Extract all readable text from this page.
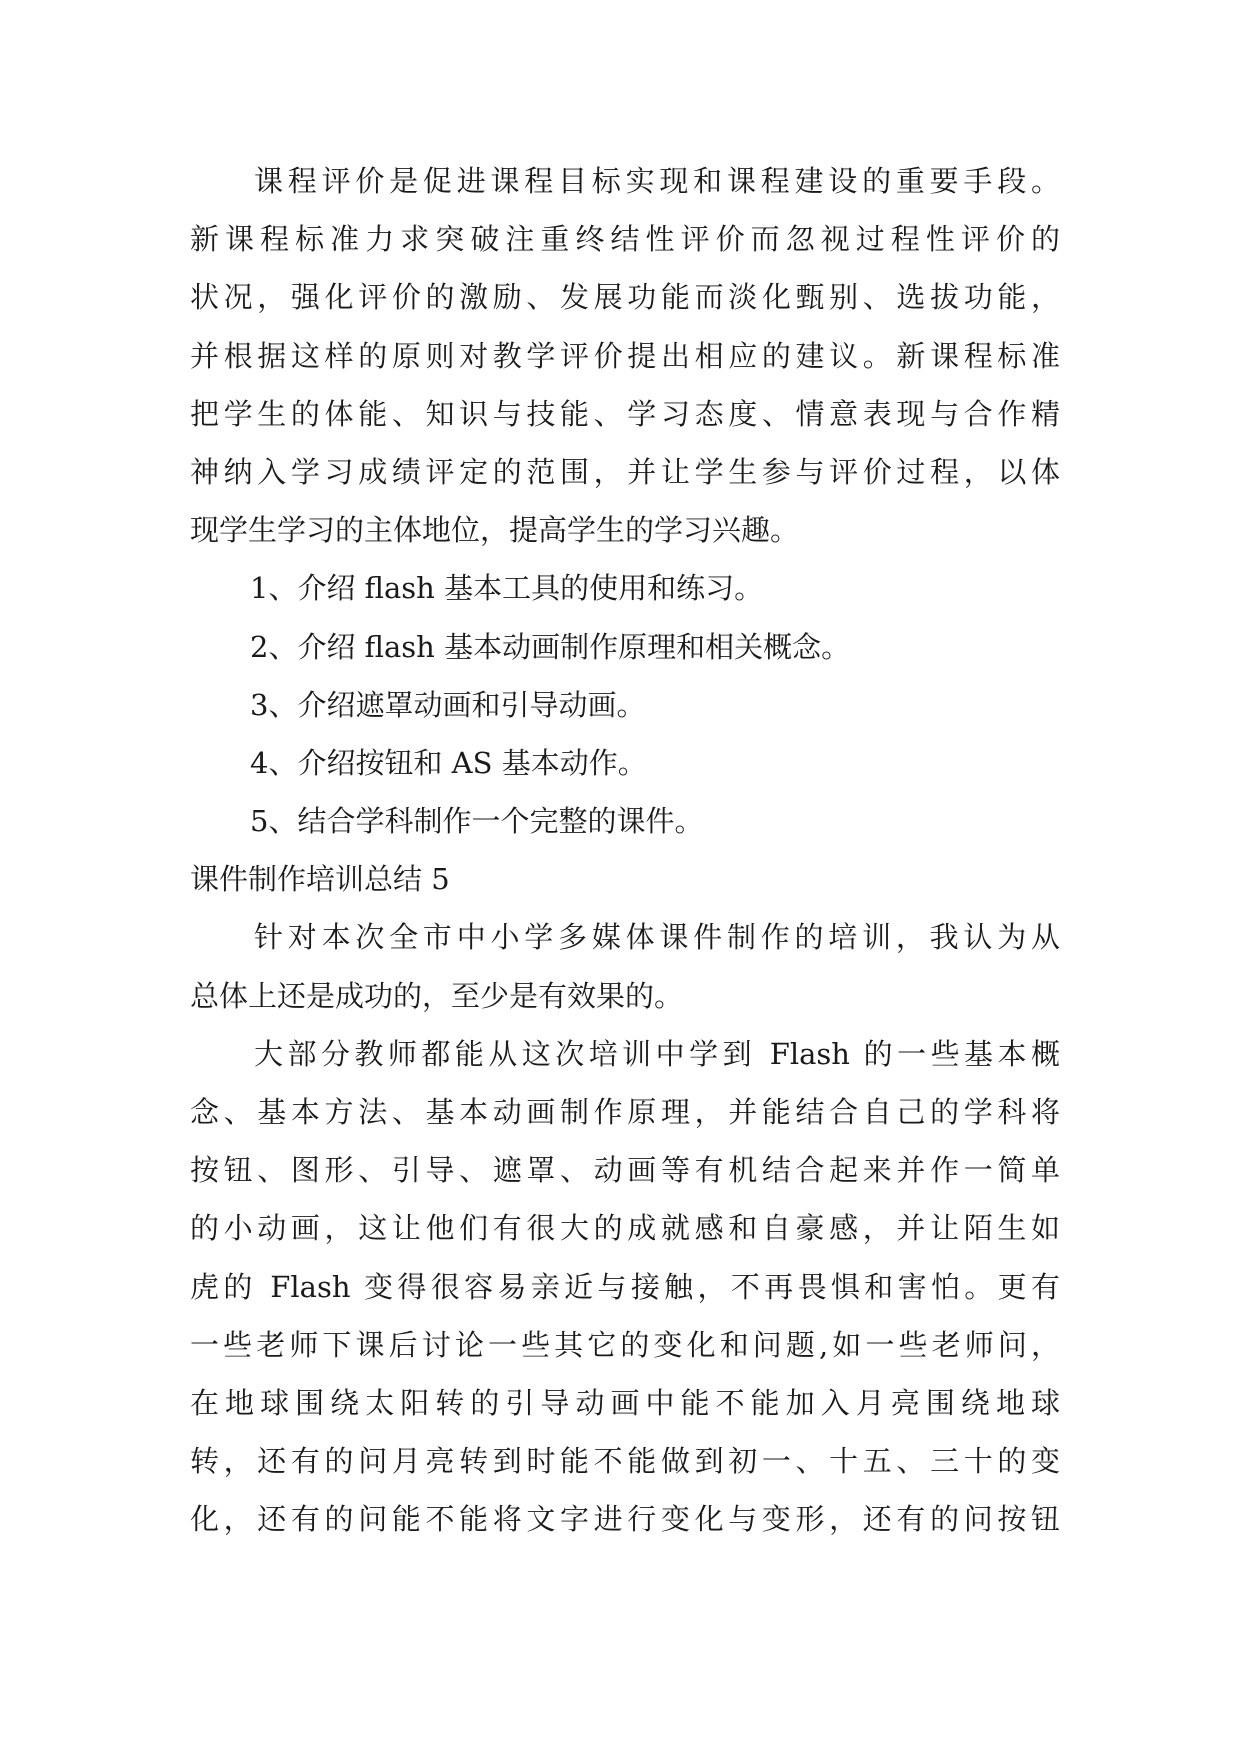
课程评价是促进课程目标实现和课程建设的重要手段。
新课程标准力求突破注重终结性评价而忽视过程性评价的
状况，强化评价的激励、发展功能而淡化甄别、选拔功能，
并根据这样的原则对教学评价提出相应的建议。新课程标准
把学生的体能、知识与技能、学习态度、情意表现与合作精
神纳入学习成绩评定的范围，并让学生参与评价过程，以体
现学生学习的主体地位，提高学生的学习兴趣。
1、介绍 flash 基本工具的使用和练习。
2、介绍 flash 基本动画制作原理和相关概念。
3、介绍遮罩动画和引导动画。
4、介绍按钮和 AS 基本动作。
5、结合学科制作一个完整的课件。
课件制作培训总结 5
针对本次全市中小学多媒体课件制作的培训，我认为从
总体上还是成功的，至少是有效果的。
大部分教师都能从这次培训中学到 Flash 的一些基本概
念、基本方法、基本动画制作原理，并能结合自己的学科将
按钮、图形、引导、遮罩、动画等有机结合起来并作一简单
的小动画，这让他们有很大的成就感和自豪感，并让陌生如
虎的 Flash 变得很容易亲近与接触，不再畏惧和害怕。更有
一些老师下课后讨论一些其它的变化和问题,如一些老师问，
在地球围绕太阳转的引导动画中能不能加入月亮围绕地球
转，还有的问月亮转到时能不能做到初一、十五、三十的变
化，还有的问能不能将文字进行变化与变形，还有的问按钮
